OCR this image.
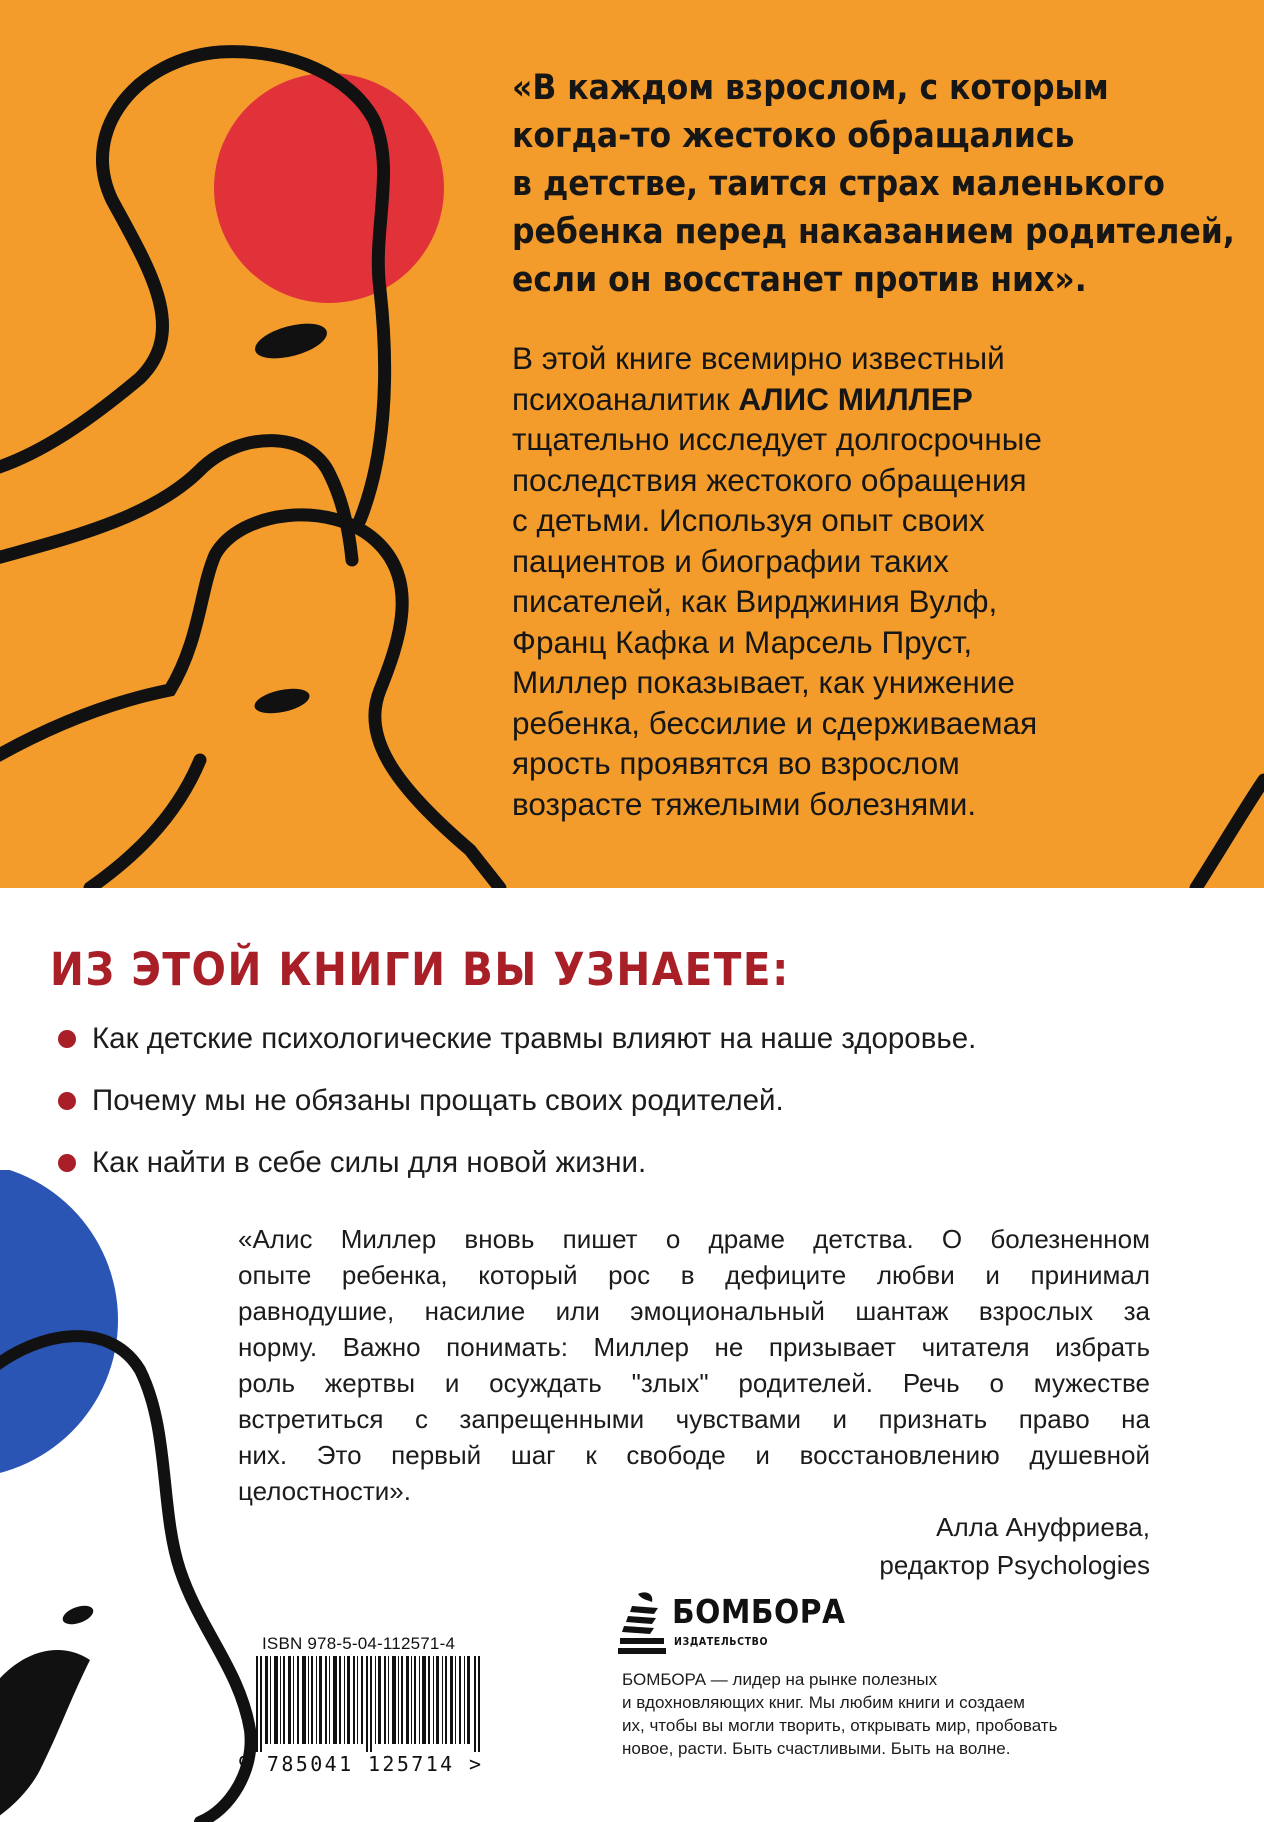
«В каждом взрослом, с которым
когда-то жестоко обращались
в детстве, таится страх маленького
ребенка перед наказанием родителей,
если он восстанет против них».
В этой книге всемирно известный
психоаналитик АЛИС МИЛЛЕР
тщательно исследует долгосрочные
последствия жестокого обращения
с детьми. Используя опыт своих
пациентов и биографии таких
писателей, как Вирджиния Вулф,
Франц Кафка и Марсель Пруст,
Миллер показывает, как унижение
ребенка, бессилие и сдерживаемая
ярость проявятся во взрослом
возрасте тяжелыми болезнями.
ИЗ ЭТОЙ КНИГИ ВЫ УЗНАЕТЕ:
Как детские психологические травмы влияют на наше здоровье.
Почему мы не обязаны прощать своих родителей.
Как найти в себе силы для новой жизни.
«Алис Миллер вновь пишет о драме детства. О болезненном
опыте ребенка, который рос в дефиците любви и принимал
равнодушие, насилие или эмоциональный шантаж взрослых за
норму. Важно понимать: Миллер не призывает читателя избрать
роль жертвы и осуждать "злых" родителей. Речь о мужестве
встретиться с запрещенными чувствами и признать право на
них. Это первый шаг к свободе и восстановлению душевной
целостности».
Алла Ануфриева,
редактор Psychologies
ISBN 978-5-04-112571-4
9 785041 125714 >
БОМБОРА
ИЗДАТЕЛЬСТВО
БОМБОРА — лидер на рынке полезных
и вдохновляющих книг. Мы любим книги и создаем
их, чтобы вы могли творить, открывать мир, пробовать
новое, расти. Быть счастливыми. Быть на волне.
